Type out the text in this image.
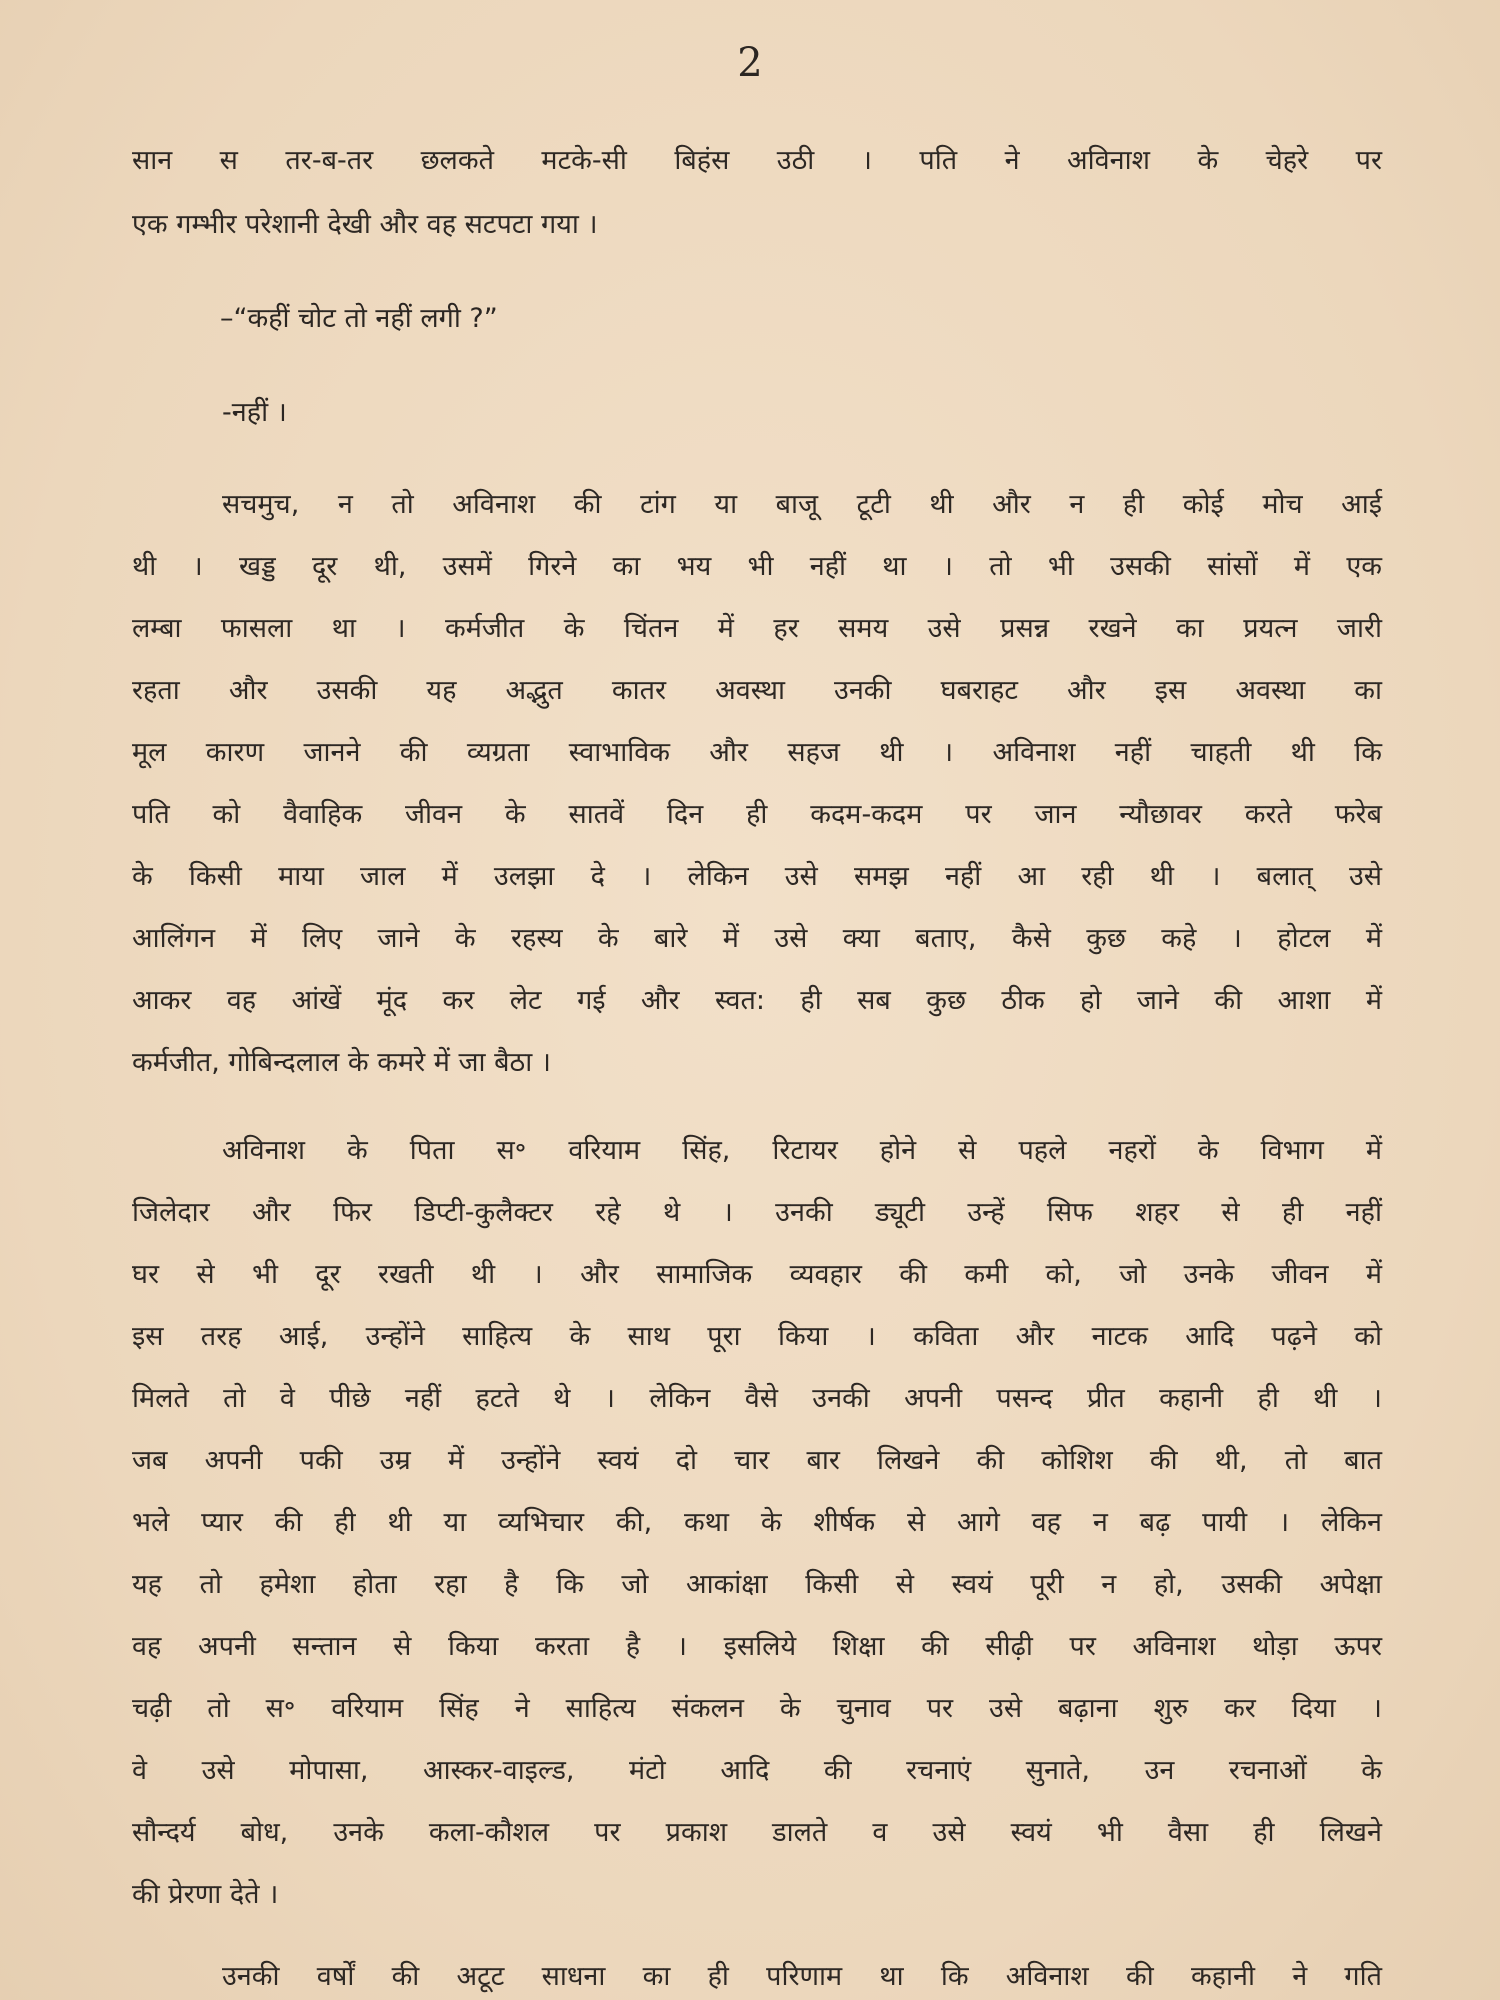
2
सान स तर-ब-तर छलकते मटके-सी बिहंस उठी । पति ने अविनाश के चेहरे पर
एक गम्भीर परेशानी देखी और वह सटपटा गया ।
–“कहीं चोट तो नहीं लगी ?”
-नहीं ।
सचमुच, न तो अविनाश की टांग या बाजू टूटी थी और न ही कोई मोच आई
थी । खड्ड दूर थी, उसमें गिरने का भय भी नहीं था । तो भी उसकी सांसों में एक
लम्बा फासला था । कर्मजीत के चिंतन में हर समय उसे प्रसन्न रखने का प्रयत्न जारी
रहता और उसकी यह अद्भुत कातर अवस्था उनकी घबराहट और इस अवस्था का
मूल कारण जानने की व्यग्रता स्वाभाविक और सहज थी । अविनाश नहीं चाहती थी कि
पति को वैवाहिक जीवन के सातवें दिन ही कदम-कदम पर जान न्यौछावर करते फरेब
के किसी माया जाल में उलझा दे । लेकिन उसे समझ नहीं आ रही थी । बलात् उसे
आलिंगन में लिए जाने के रहस्य के बारे में उसे क्या बताए, कैसे कुछ कहे । होटल में
आकर वह आंखें मूंद कर लेट गई और स्वत: ही सब कुछ ठीक हो जाने की आशा में
कर्मजीत, गोबिन्दलाल के कमरे में जा बैठा ।
अविनाश के पिता स॰ वरियाम सिंह, रिटायर होने से पहले नहरों के विभाग में
जिलेदार और फिर डिप्टी-कुलैक्टर रहे थे । उनकी ड्यूटी उन्हें सिफ शहर से ही नहीं
घर से भी दूर रखती थी । और सामाजिक व्यवहार की कमी को, जो उनके जीवन में
इस तरह आई, उन्होंने साहित्य के साथ पूरा किया । कविता और नाटक आदि पढ़ने को
मिलते तो वे पीछे नहीं हटते थे । लेकिन वैसे उनकी अपनी पसन्द प्रीत कहानी ही थी ।
जब अपनी पकी उम्र में उन्होंने स्वयं दो चार बार लिखने की कोशिश की थी, तो बात
भले प्यार की ही थी या व्यभिचार की, कथा के शीर्षक से आगे वह न बढ़ पायी । लेकिन
यह तो हमेशा होता रहा है कि जो आकांक्षा किसी से स्वयं पूरी न हो, उसकी अपेक्षा
वह अपनी सन्तान से किया करता है । इसलिये शिक्षा की सीढ़ी पर अविनाश थोड़ा ऊपर
चढ़ी तो स॰ वरियाम सिंह ने साहित्य संकलन के चुनाव पर उसे बढ़ाना शुरु कर दिया ।
वे उसे मोपासा, आस्कर-वाइल्ड, मंटो आदि की रचनाएं सुनाते, उन रचनाओं के
सौन्दर्य बोध, उनके कला-कौशल पर प्रकाश डालते व उसे स्वयं भी वैसा ही लिखने
की प्रेरणा देते ।
उनकी वर्षों की अटूट साधना का ही परिणाम था कि अविनाश की कहानी ने गति
